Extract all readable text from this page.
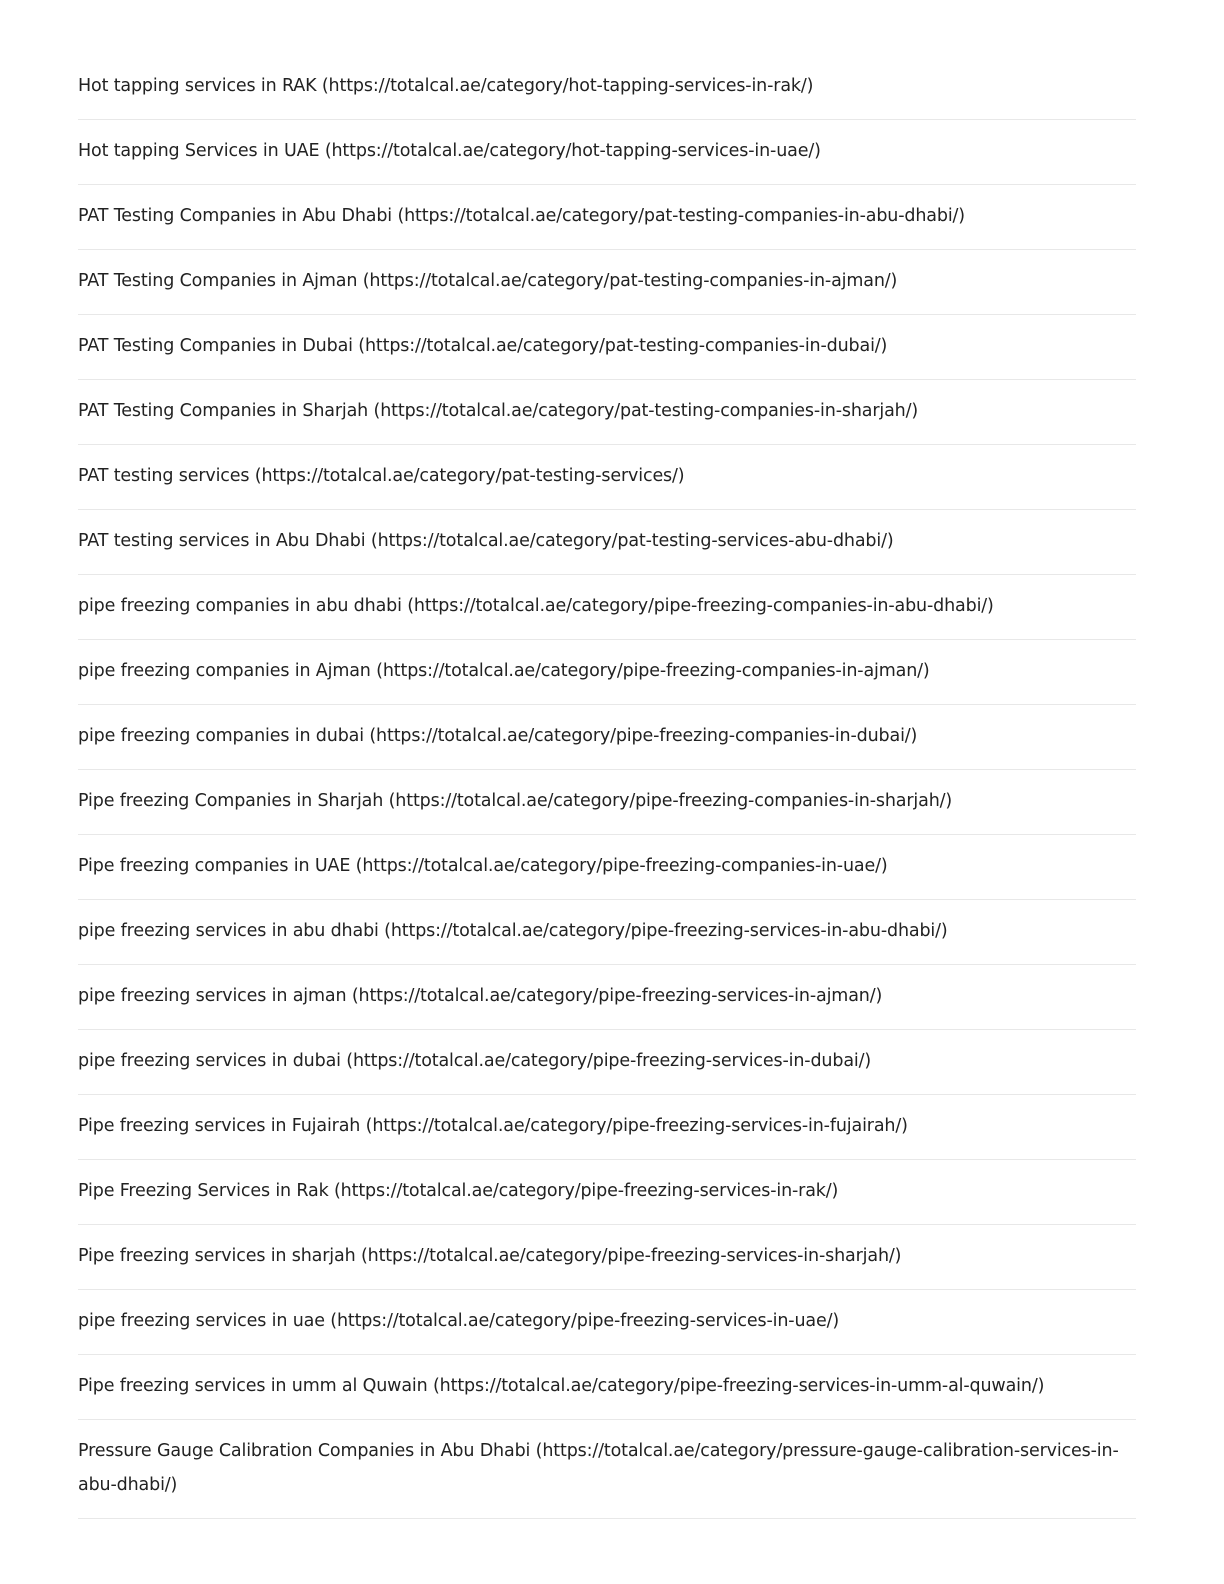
Hot tapping services in RAK (https://totalcal.ae/category/hot-tapping-services-in-rak/)
Hot tapping Services in UAE (https://totalcal.ae/category/hot-tapping-services-in-uae/)
PAT Testing Companies in Abu Dhabi (https://totalcal.ae/category/pat-testing-companies-in-abu-dhabi/)
PAT Testing Companies in Ajman (https://totalcal.ae/category/pat-testing-companies-in-ajman/)
PAT Testing Companies in Dubai (https://totalcal.ae/category/pat-testing-companies-in-dubai/)
PAT Testing Companies in Sharjah (https://totalcal.ae/category/pat-testing-companies-in-sharjah/)
PAT testing services (https://totalcal.ae/category/pat-testing-services/)
PAT testing services in Abu Dhabi (https://totalcal.ae/category/pat-testing-services-abu-dhabi/)
pipe freezing companies in abu dhabi (https://totalcal.ae/category/pipe-freezing-companies-in-abu-dhabi/)
pipe freezing companies in Ajman (https://totalcal.ae/category/pipe-freezing-companies-in-ajman/)
pipe freezing companies in dubai (https://totalcal.ae/category/pipe-freezing-companies-in-dubai/)
Pipe freezing Companies in Sharjah (https://totalcal.ae/category/pipe-freezing-companies-in-sharjah/)
Pipe freezing companies in UAE (https://totalcal.ae/category/pipe-freezing-companies-in-uae/)
pipe freezing services in abu dhabi (https://totalcal.ae/category/pipe-freezing-services-in-abu-dhabi/)
pipe freezing services in ajman (https://totalcal.ae/category/pipe-freezing-services-in-ajman/)
pipe freezing services in dubai (https://totalcal.ae/category/pipe-freezing-services-in-dubai/)
Pipe freezing services in Fujairah (https://totalcal.ae/category/pipe-freezing-services-in-fujairah/)
Pipe Freezing Services in Rak (https://totalcal.ae/category/pipe-freezing-services-in-rak/)
Pipe freezing services in sharjah (https://totalcal.ae/category/pipe-freezing-services-in-sharjah/)
pipe freezing services in uae (https://totalcal.ae/category/pipe-freezing-services-in-uae/)
Pipe freezing services in umm al Quwain (https://totalcal.ae/category/pipe-freezing-services-in-umm-al-quwain/)
Pressure Gauge Calibration Companies in Abu Dhabi (https://totalcal.ae/category/pressure-gauge-calibration-services-in-abu-dhabi/)
